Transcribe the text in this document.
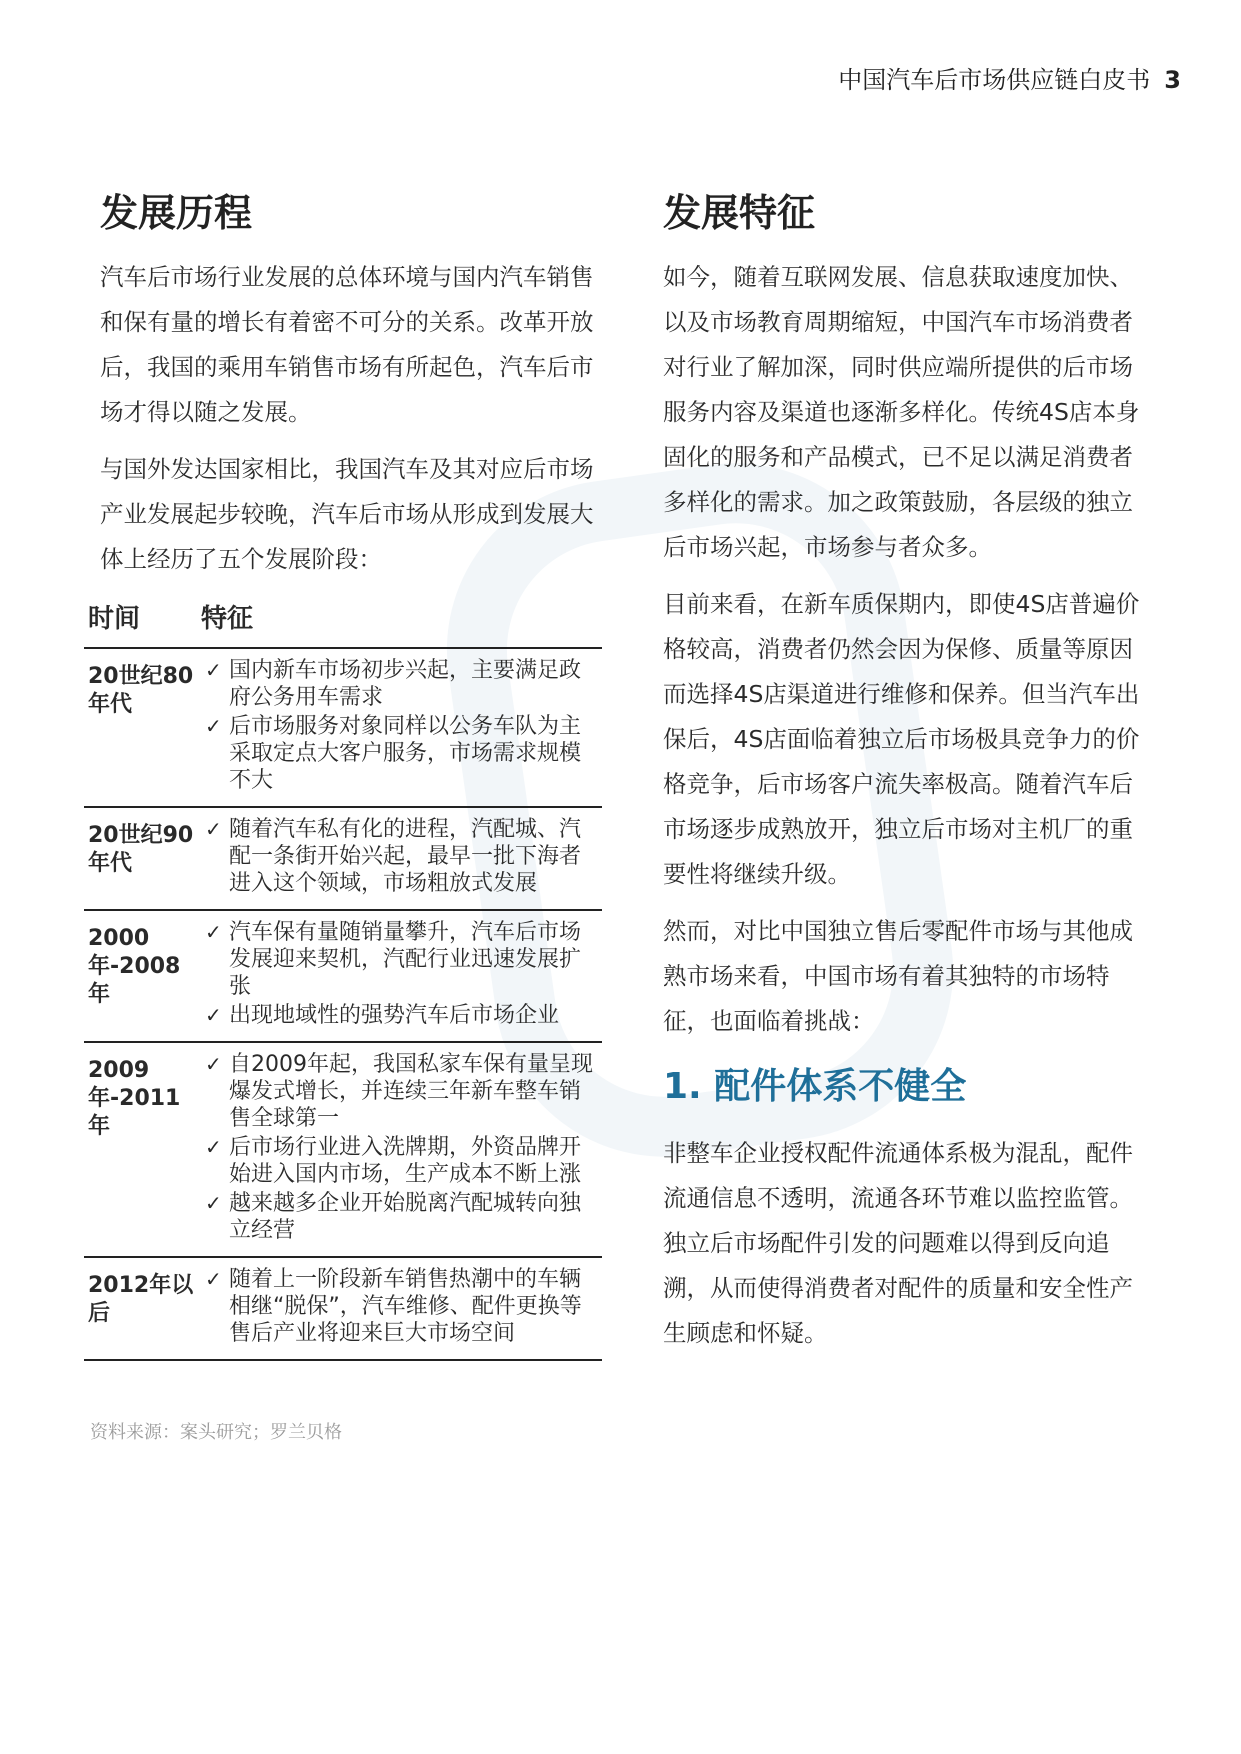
中国汽车后市场供应链白皮书 3
发展历程

汽车后市场行业发展的总体环境与国内汽车销售和保有量的增长有着密不可分的关系。改革开放后，我国的乘用车销售市场有所起色，汽车后市场才得以随之发展。

与国外发达国家相比，我国汽车及其对应后市场产业发展起步较晚，汽车后市场从形成到发展大体上经历了五个发展阶段：

时间	特征
20世纪80年代
✓ 国内新车市场初步兴起，主要满足政府公务用车需求
✓ 后市场服务对象同样以公务车队为主采取定点大客户服务，市场需求规模不大
20世纪90年代
✓ 随着汽车私有化的进程，汽配城、汽配一条街开始兴起，最早一批下海者进入这个领域，市场粗放式发展
2000年-2008年
✓ 汽车保有量随销量攀升，汽车后市场发展迎来契机，汽配行业迅速发展扩张
✓ 出现地域性的强势汽车后市场企业
2009年-2011年
✓ 自2009年起，我国私家车保有量呈现爆发式增长，并连续三年新车整车销售全球第一
✓ 后市场行业进入洗牌期，外资品牌开始进入国内市场，生产成本不断上涨
✓ 越来越多企业开始脱离汽配城转向独立经营
2012年以后
✓ 随着上一阶段新车销售热潮中的车辆相继“脱保”，汽车维修、配件更换等售后产业将迎来巨大市场空间
资料来源：案头研究；罗兰贝格
发展特征

如今，随着互联网发展、信息获取速度加快、以及市场教育周期缩短，中国汽车市场消费者对行业了解加深，同时供应端所提供的后市场服务内容及渠道也逐渐多样化。传统4S店本身固化的服务和产品模式，已不足以满足消费者多样化的需求。加之政策鼓励，各层级的独立后市场兴起，市场参与者众多。

目前来看，在新车质保期内，即使4S店普遍价格较高，消费者仍然会因为保修、质量等原因而选择4S店渠道进行维修和保养。但当汽车出保后，4S店面临着独立后市场极具竞争力的价格竞争，后市场客户流失率极高。随着汽车后市场逐步成熟放开，独立后市场对主机厂的重要性将继续升级。

然而，对比中国独立售后零配件市场与其他成熟市场来看，中国市场有着其独特的市场特征，也面临着挑战：

1. 配件体系不健全

非整车企业授权配件流通体系极为混乱，配件流通信息不透明，流通各环节难以监控监管。独立后市场配件引发的问题难以得到反向追溯，从而使得消费者对配件的质量和安全性产生顾虑和怀疑。
